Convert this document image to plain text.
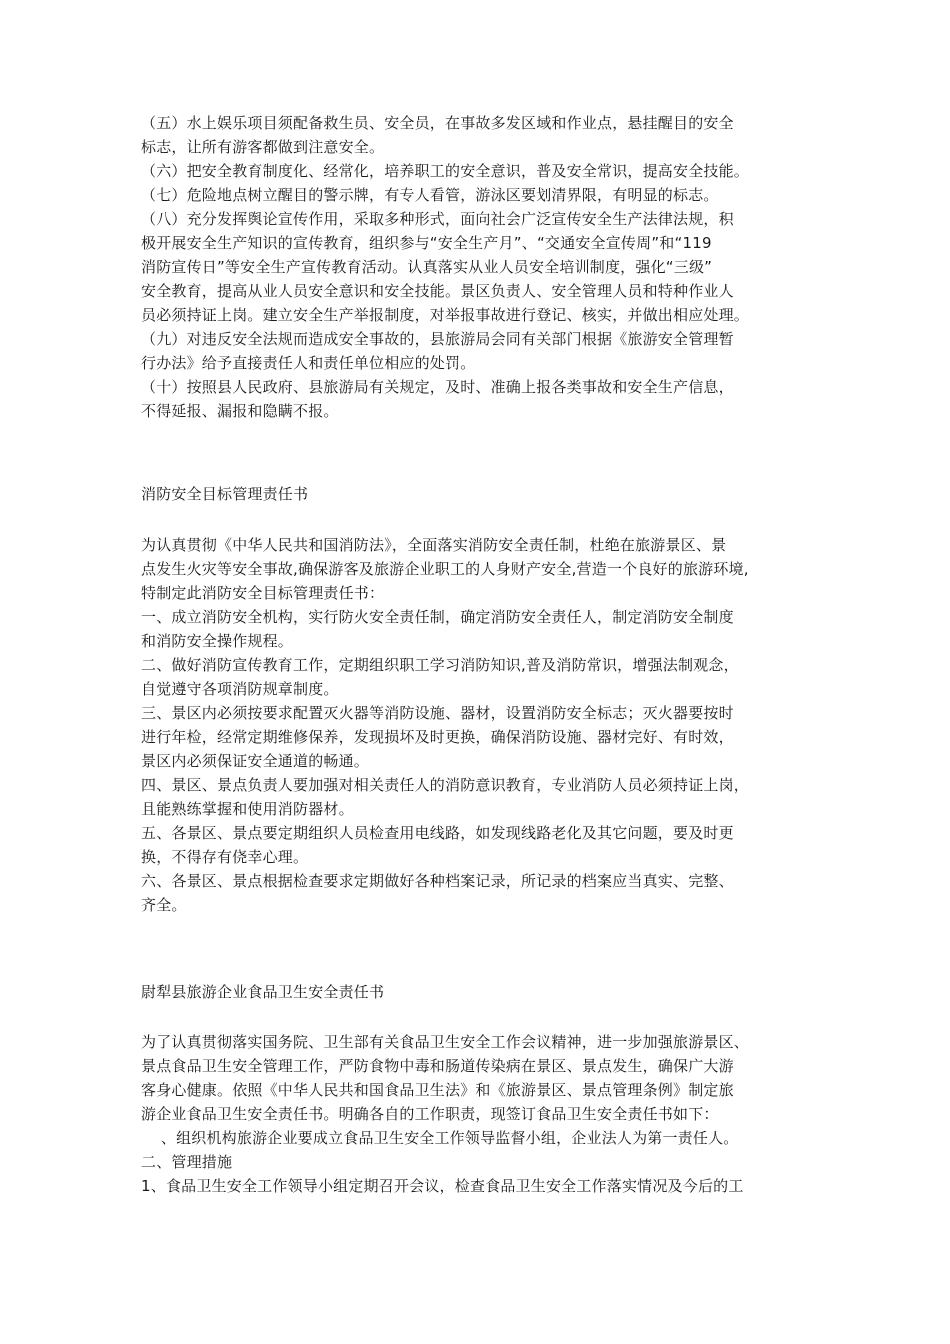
（五）水上娱乐项目须配备救生员、安全员，在事故多发区域和作业点，悬挂醒目的安全
标志，让所有游客都做到注意安全。
（六）把安全教育制度化、经常化，培养职工的安全意识，普及安全常识，提高安全技能。
（七）危险地点树立醒目的警示牌，有专人看管，游泳区要划清界限，有明显的标志。
（八）充分发挥舆论宣传作用，采取多种形式，面向社会广泛宣传安全生产法律法规，积
极开展安全生产知识的宣传教育，组织参与“安全生产月”、“交通安全宣传周”和“119
消防宣传日”等安全生产宣传教育活动。认真落实从业人员安全培训制度，强化“三级”
安全教育，提高从业人员安全意识和安全技能。景区负责人、安全管理人员和特种作业人
员必须持证上岗。建立安全生产举报制度，对举报事故进行登记、核实，并做出相应处理。
（九）对违反安全法规而造成安全事故的，县旅游局会同有关部门根据《旅游安全管理暂
行办法》给予直接责任人和责任单位相应的处罚。
（十）按照县人民政府、县旅游局有关规定，及时、准确上报各类事故和安全生产信息，
不得延报、漏报和隐瞒不报。
消防安全目标管理责任书
为认真贯彻《中华人民共和国消防法》，全面落实消防安全责任制，杜绝在旅游景区、景
点发生火灾等安全事故,确保游客及旅游企业职工的人身财产安全,营造一个良好的旅游环境,
特制定此消防安全目标管理责任书：
一、成立消防安全机构，实行防火安全责任制，确定消防安全责任人，制定消防安全制度
和消防安全操作规程。
二、做好消防宣传教育工作，定期组织职工学习消防知识,普及消防常识，增强法制观念，
自觉遵守各项消防规章制度。
三、景区内必须按要求配置灭火器等消防设施、器材，设置消防安全标志；灭火器要按时
进行年检，经常定期维修保养，发现损坏及时更换，确保消防设施、器材完好、有时效，
景区内必须保证安全通道的畅通。
四、景区、景点负责人要加强对相关责任人的消防意识教育，专业消防人员必须持证上岗，
且能熟练掌握和使用消防器材。
五、各景区、景点要定期组织人员检查用电线路，如发现线路老化及其它问题，要及时更
换，不得存有侥幸心理。
六、各景区、景点根据检查要求定期做好各种档案记录，所记录的档案应当真实、完整、
齐全。
尉犁县旅游企业食品卫生安全责任书
为了认真贯彻落实国务院、卫生部有关食品卫生安全工作会议精神，进一步加强旅游景区、
景点食品卫生安全管理工作，严防食物中毒和肠道传染病在景区、景点发生，确保广大游
客身心健康。依照《中华人民共和国食品卫生法》和《旅游景区、景点管理条例》制定旅
游企业食品卫生安全责任书。明确各自的工作职责，现签订食品卫生安全责任书如下：
、组织机构旅游企业要成立食品卫生安全工作领导监督小组，企业法人为第一责任人。
二、管理措施
1、食品卫生安全工作领导小组定期召开会议，检查食品卫生安全工作落实情况及今后的工
